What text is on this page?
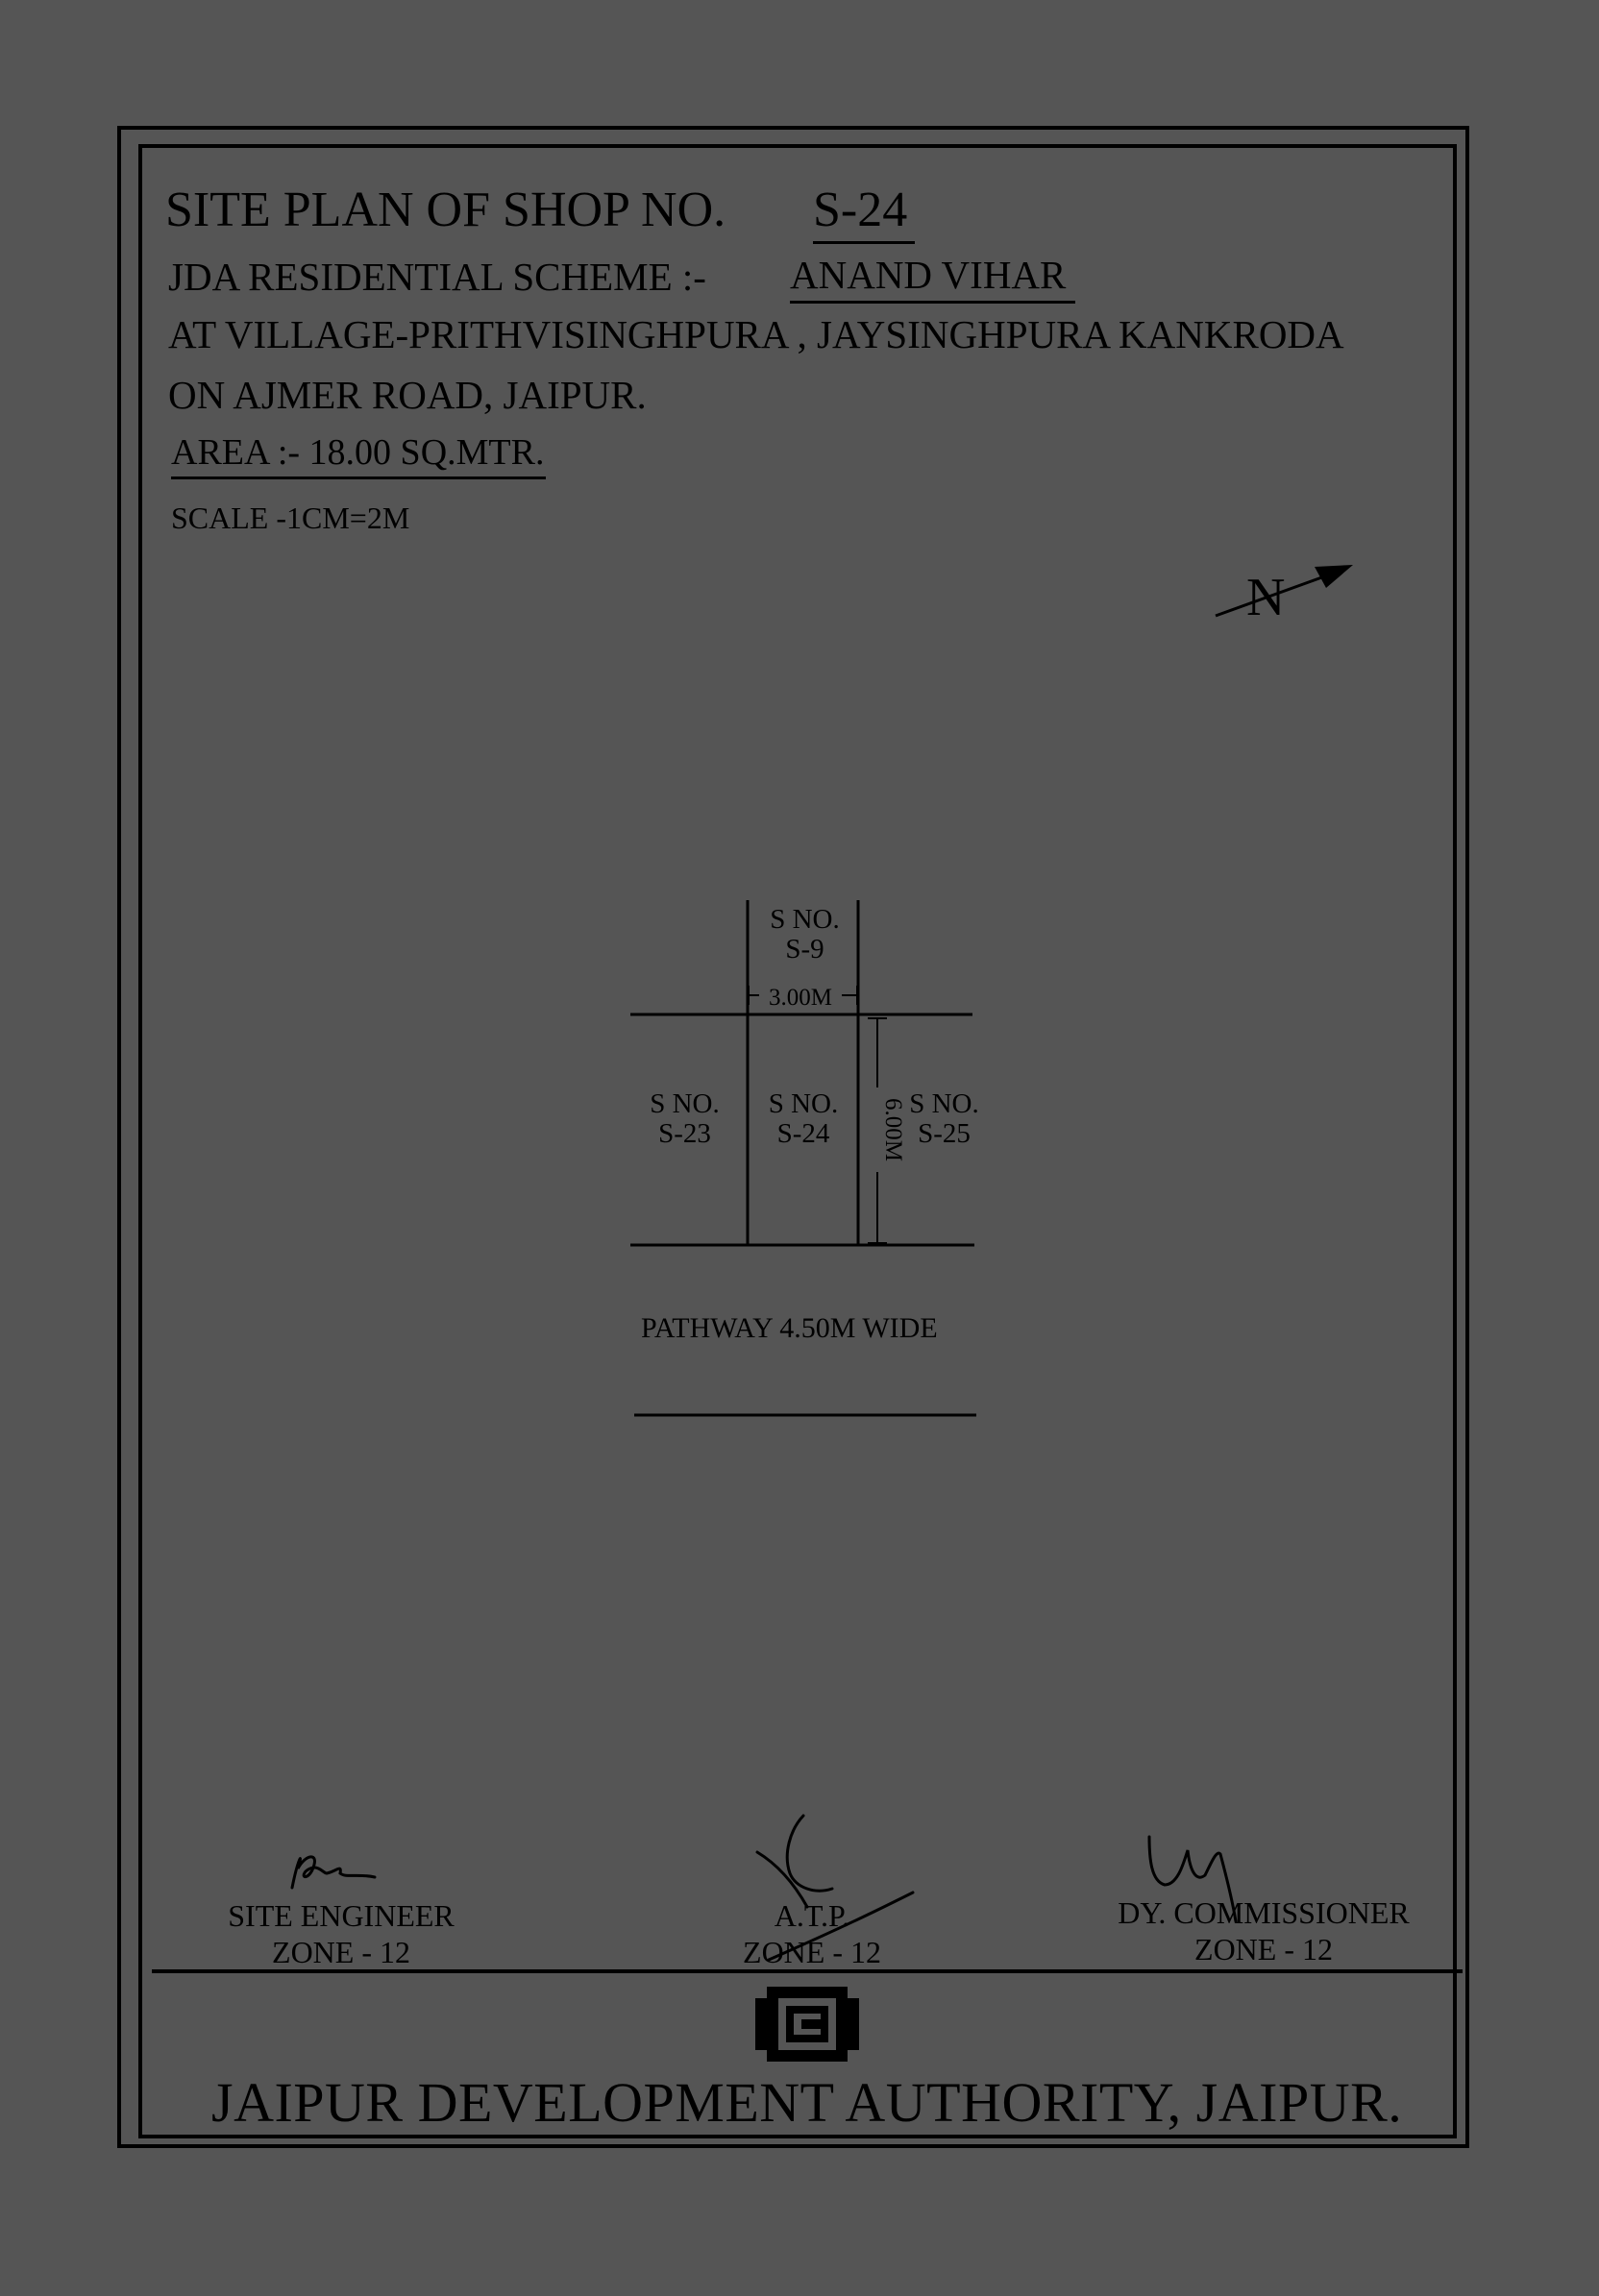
SITE PLAN OF SHOP NO. S-24
JDA RESIDENTIAL SCHEME :- ANAND VIHAR
AT VILLAGE-PRITHVISINGHPURA , JAYSINGHPURA KANKRODA
ON AJMER ROAD, JAIPUR.
AREA :- 18.00 SQ.MTR.
SCALE -1CM=2M
N
3.00M
6.00M
S NO.
S-9
S NO.
S-23
S NO.
S-24
S NO.
S-25
PATHWAY 4.50M WIDE
SITE ENGINEER
ZONE - 12
A.T.P.
ZONE - 12
DY. COMMISSIONER
ZONE - 12
JAIPUR DEVELOPMENT AUTHORITY, JAIPUR.
